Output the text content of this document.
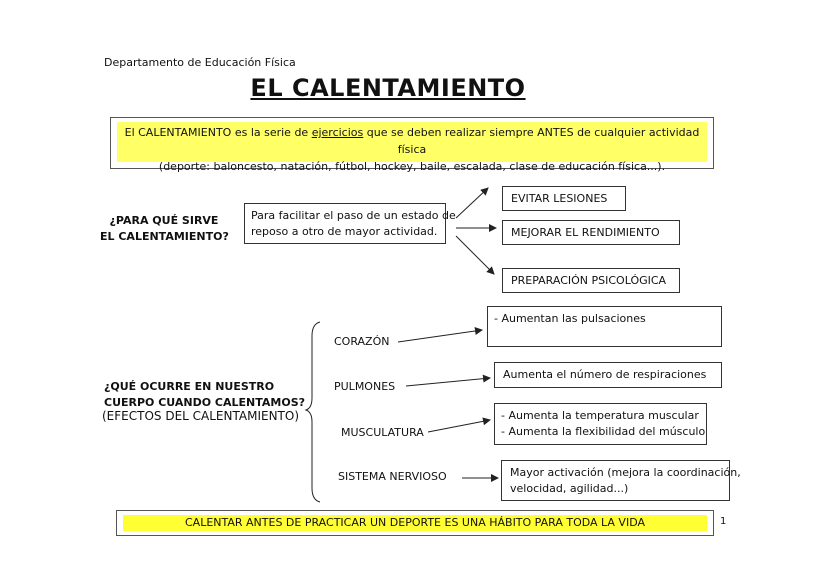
Departamento de Educación Física
EL CALENTAMIENTO
El CALENTAMIENTO es la serie de ejercicios que se deben realizar siempre ANTES de cualquier actividad física
(deporte: baloncesto, natación, fútbol, hockey, baile, escalada, clase de educación física...).
¿PARA QUÉ SIRVE
EL CALENTAMIENTO?
Para facilitar el paso de un estado de
reposo a otro de mayor actividad.
EVITAR LESIONES
MEJORAR EL RENDIMIENTO
PREPARACIÓN PSICOLÓGICA
¿QUÉ OCURRE EN NUESTRO
CUERPO CUANDO CALENTAMOS?
(EFECTOS DEL CALENTAMIENTO)
CORAZÓN
PULMONES
MUSCULATURA
SISTEMA NERVIOSO
- Aumentan las pulsaciones
Aumenta el número de respiraciones
- Aumenta la temperatura muscular
- Aumenta la flexibilidad del músculo
Mayor activación (mejora la coordinación,
velocidad, agilidad...)
CALENTAR ANTES DE PRACTICAR UN DEPORTE ES UNA HÁBITO PARA TODA LA VIDA	1
